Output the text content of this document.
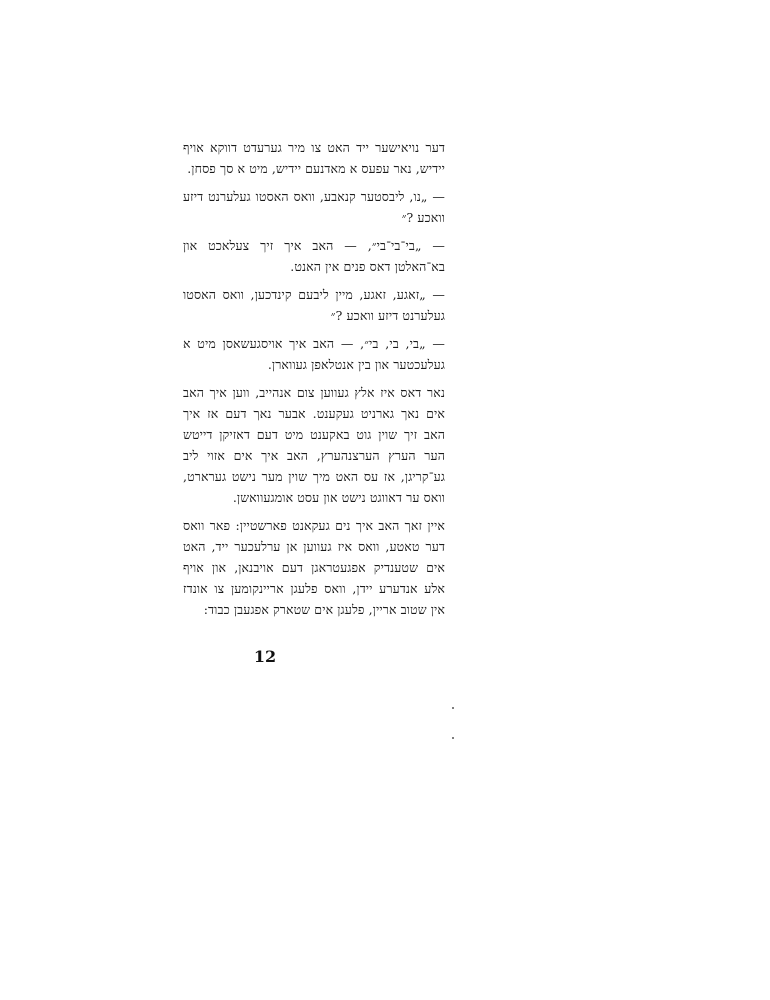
דער נויאישער ייד האט צו מיר גערעדט דווקא אויף יידיש, נאר עפעס א מאדנעם יידיש, מיט א סך פסחן.

— „נו, ליבסטער קנאבע, וואס האסטו געלערנט דיזע וואכע ?״

— „בי־בי־בי״, — האב איך זיך צעלאכט און בא־האלטן דאס פנים אין האנט.

— „זאגע, זאגע, מיין ליבעם קינדכען, וואס האסטו געלערנט דיזע וואכע ?״

— „בי, בי, בי״, — האב איך אויסגעשאסן מיט א געלעכטער און בין אנטלאפן געווארן.

נאר דאס איז אלץ געווען צום אנהייב, ווען איך האב אים נאך גארניט געקענט. אבער נאך דעם אז איך האב זיך שוין גוט באקענט מיט דעם דאזיקן דייטש הער הערץ הערצנהערץ, האב איך אים אזוי ליב גע־קריגן, אז עס האט מיך שוין מער נישט גערארט, וואס ער דאווגט נישט און עסט אומגעוואשן.

איין זאך האב איך נים געקאנט פארשטיין: פאר וואס דער טאטע, וואס איז געווען אן ערלעכער ייד, האט אים שטענדיק אפגעטראגן דעם אויבנאן, און אויף אלע אנדערע יידן, וואס פלעגן אריינקומען צו אונדז אין שטוב אריין, פלעגן אים שטארק אפגעבן כבוד:

12
